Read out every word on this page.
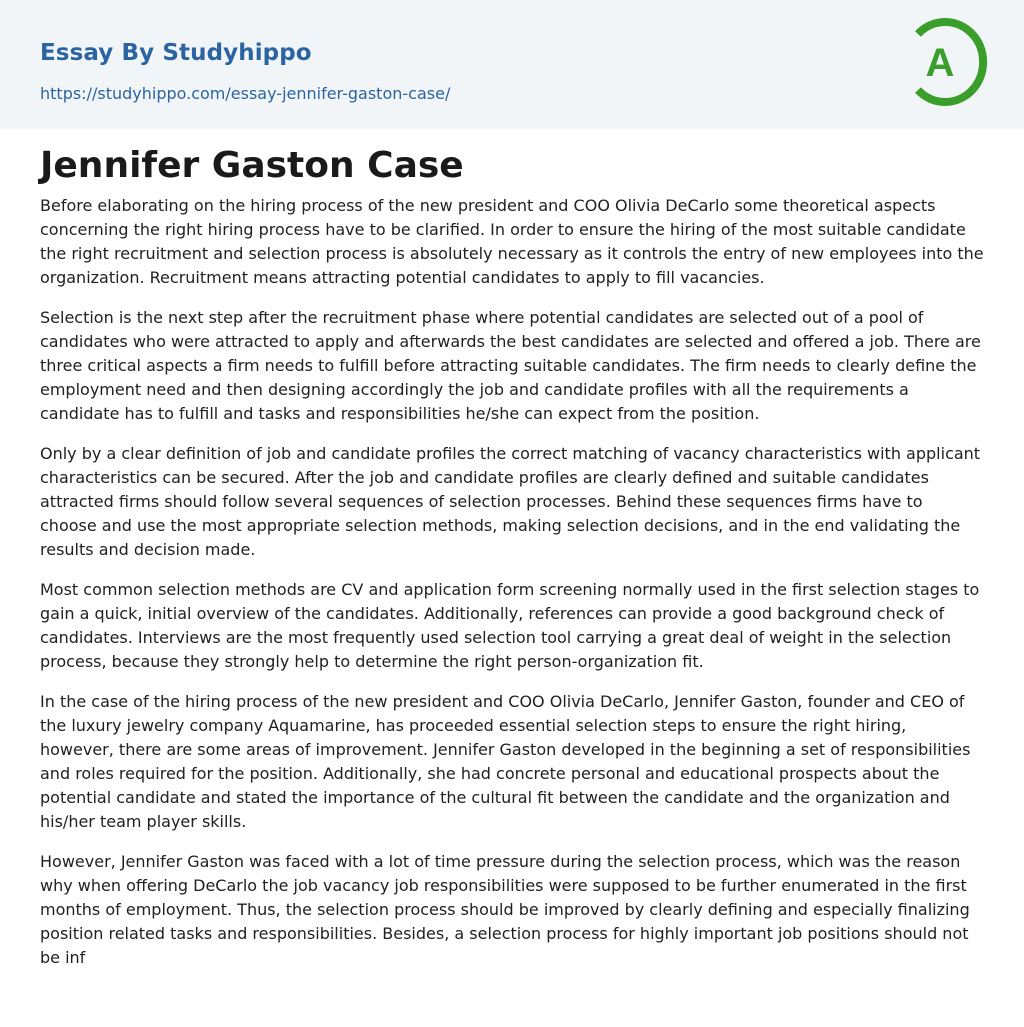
Essay By Studyhippo
https://studyhippo.com/essay-jennifer-gaston-case/
A
Jennifer Gaston Case

Before elaborating on the hiring process of the new president and COO Olivia DeCarlo some theoretical aspects concerning the right hiring process have to be clarified. In order to ensure the hiring of the most suitable candidate the right recruitment and selection process is absolutely necessary as it controls the entry of new employees into the organization. Recruitment means attracting potential candidates to apply to fill vacancies.

Selection is the next step after the recruitment phase where potential candidates are selected out of a pool of candidates who were attracted to apply and afterwards the best candidates are selected and offered a job. There are three critical aspects a firm needs to fulfill before attracting suitable candidates. The firm needs to clearly define the employment need and then designing accordingly the job and candidate profiles with all the requirements a candidate has to fulfill and tasks and responsibilities he/she can expect from the position.

Only by a clear definition of job and candidate profiles the correct matching of vacancy characteristics with applicant characteristics can be secured. After the job and candidate profiles are clearly defined and suitable candidates attracted firms should follow several sequences of selection processes. Behind these sequences firms have to choose and use the most appropriate selection methods, making selection decisions, and in the end validating the results and decision made.

Most common selection methods are CV and application form screening normally used in the first selection stages to gain a quick, initial overview of the candidates. Additionally, references can provide a good background check of candidates. Interviews are the most frequently used selection tool carrying a great deal of weight in the selection process, because they strongly help to determine the right person-organization fit.

In the case of the hiring process of the new president and COO Olivia DeCarlo, Jennifer Gaston, founder and CEO of the luxury jewelry company Aquamarine, has proceeded essential selection steps to ensure the right hiring, however, there are some areas of improvement. Jennifer Gaston developed in the beginning a set of responsibilities and roles required for the position. Additionally, she had concrete personal and educational prospects about the potential candidate and stated the importance of the cultural fit between the candidate and the organization and his/her team player skills.

However, Jennifer Gaston was faced with a lot of time pressure during the selection process, which was the reason why when offering DeCarlo the job vacancy job responsibilities were supposed to be further enumerated in the first months of employment. Thus, the selection process should be improved by clearly defining and especially finalizing position related tasks and responsibilities. Besides, a selection process for highly important job positions should not be inf
